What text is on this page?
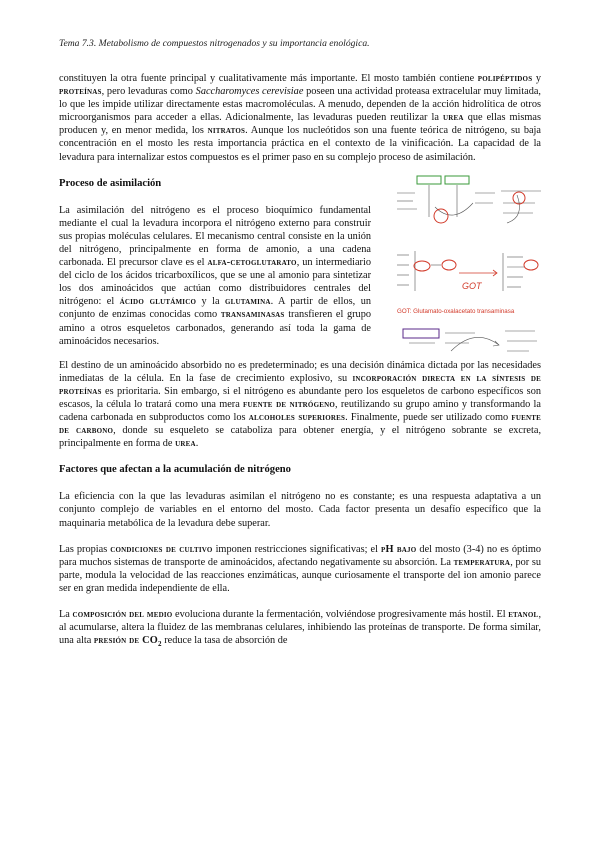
Tema 7.3. Metabolismo de compuestos nitrogenados y su importancia enológica.

constituyen la otra fuente principal y cualitativamente más importante. El mosto también contiene polipéptidos y proteínas, pero levaduras como Saccharomyces cerevisiae poseen una actividad proteasa extracelular muy limitada, lo que les impide utilizar directamente estas macromoléculas. A menudo, dependen de la acción hidrolítica de otros microorganismos para acceder a ellas. Adicionalmente, las levaduras pueden reutilizar la urea que ellas mismas producen y, en menor medida, los nitratos. Aunque los nucleótidos son una fuente teórica de nitrógeno, su baja concentración en el mosto les resta importancia práctica en el contexto de la vinificación. La capacidad de la levadura para internalizar estos compuestos es el primer paso en su complejo proceso de asimilación.

Proceso de asimilación

La asimilación del nitrógeno es el proceso bioquímico fundamental mediante el cual la levadura incorpora el nitrógeno externo para construir sus propias moléculas celulares. El mecanismo central consiste en la unión del nitrógeno, principalmente en forma de amonio, a una cadena carbonada. El precursor clave es el alfa-cetoglutarato, un intermediario del ciclo de los ácidos tricarboxílicos, que se une al amonio para sintetizar los dos aminoácidos que actúan como distribuidores centrales del nitrógeno: el ácido glutámico y la glutamina. A partir de ellos, un conjunto de enzimas conocidas como transaminasas transfieren el grupo amino a otros esqueletos carbonados, generando así toda la gama de aminoácidos necesarios.

GOT
GOT: Glutamato-oxalacetato transaminasa

El destino de un aminoácido absorbido no es predeterminado; es una decisión dinámica dictada por las necesidades inmediatas de la célula. En la fase de crecimiento explosivo, su incorporación directa en la síntesis de proteínas es prioritaria. Sin embargo, si el nitrógeno es abundante pero los esqueletos de carbono específicos son escasos, la célula lo tratará como una mera fuente de nitrógeno, reutilizando su grupo amino y transformando la cadena carbonada en subproductos como los alcoholes superiores. Finalmente, puede ser utilizado como fuente de carbono, donde su esqueleto se cataboliza para obtener energía, y el nitrógeno sobrante se excreta, principalmente en forma de urea.

Factores que afectan a la acumulación de nitrógeno

La eficiencia con la que las levaduras asimilan el nitrógeno no es constante; es una respuesta adaptativa a un conjunto complejo de variables en el entorno del mosto. Cada factor presenta un desafío específico que la maquinaria metabólica de la levadura debe superar.

Las propias condiciones de cultivo imponen restricciones significativas; el pH bajo del mosto (3-4) no es óptimo para muchos sistemas de transporte de aminoácidos, afectando negativamente su absorción. La temperatura, por su parte, modula la velocidad de las reacciones enzimáticas, aunque curiosamente el transporte del ion amonio parece ser en gran medida independiente de ella.

La composición del medio evoluciona durante la fermentación, volviéndose progresivamente más hostil. El etanol, al acumularse, altera la fluidez de las membranas celulares, inhibiendo las proteínas de transporte. De forma similar, una alta presión de $CO_2$ reduce la tasa de absorción de
